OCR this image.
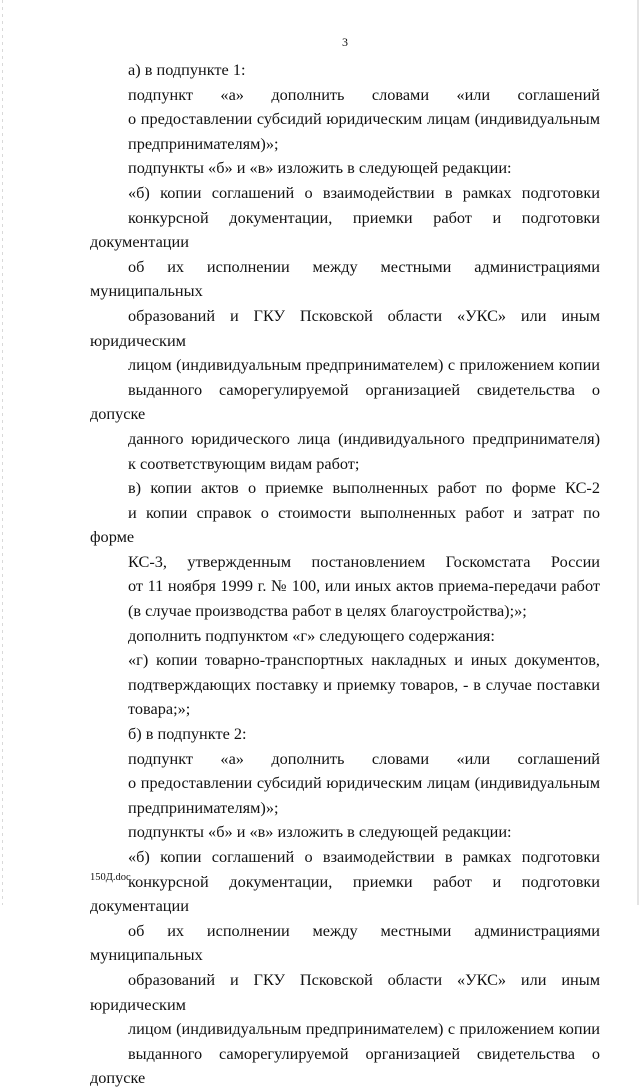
3
а) в подпункте 1:
подпункт «а» дополнить словами «или соглашений
о предоставлении субсидий юридическим лицам (индивидуальным
предпринимателям)»;
подпункты «б» и «в» изложить в следующей редакции:
«б) копии соглашений о взаимодействии в рамках подготовки
конкурсной документации, приемки работ и подготовки документации
об их исполнении между местными администрациями муниципальных
образований и ГКУ Псковской области «УКС» или иным юридическим
лицом (индивидуальным предпринимателем) с приложением копии
выданного саморегулируемой организацией свидетельства о допуске
данного юридического лица (индивидуального предпринимателя)
к соответствующим видам работ;
в) копии актов о приемке выполненных работ по форме КС-2
и копии справок о стоимости выполненных работ и затрат по форме
КС-3, утвержденным постановлением Госкомстата России
от 11 ноября 1999 г. № 100, или иных актов приема-передачи работ
(в случае производства работ в целях благоустройства);»;
дополнить подпунктом «г» следующего содержания:
«г) копии товарно-транспортных накладных и иных документов,
подтверждающих поставку и приемку товаров, - в случае поставки
товара;»;
б) в подпункте 2:
подпункт «а» дополнить словами «или соглашений
о предоставлении субсидий юридическим лицам (индивидуальным
предпринимателям)»;
подпункты «б» и «в» изложить в следующей редакции:
«б) копии соглашений о взаимодействии в рамках подготовки
конкурсной документации, приемки работ и подготовки документации
об их исполнении между местными администрациями муниципальных
образований и ГКУ Псковской области «УКС» или иным юридическим
лицом (индивидуальным предпринимателем) с приложением копии
выданного саморегулируемой организацией свидетельства о допуске
150Д.doc
